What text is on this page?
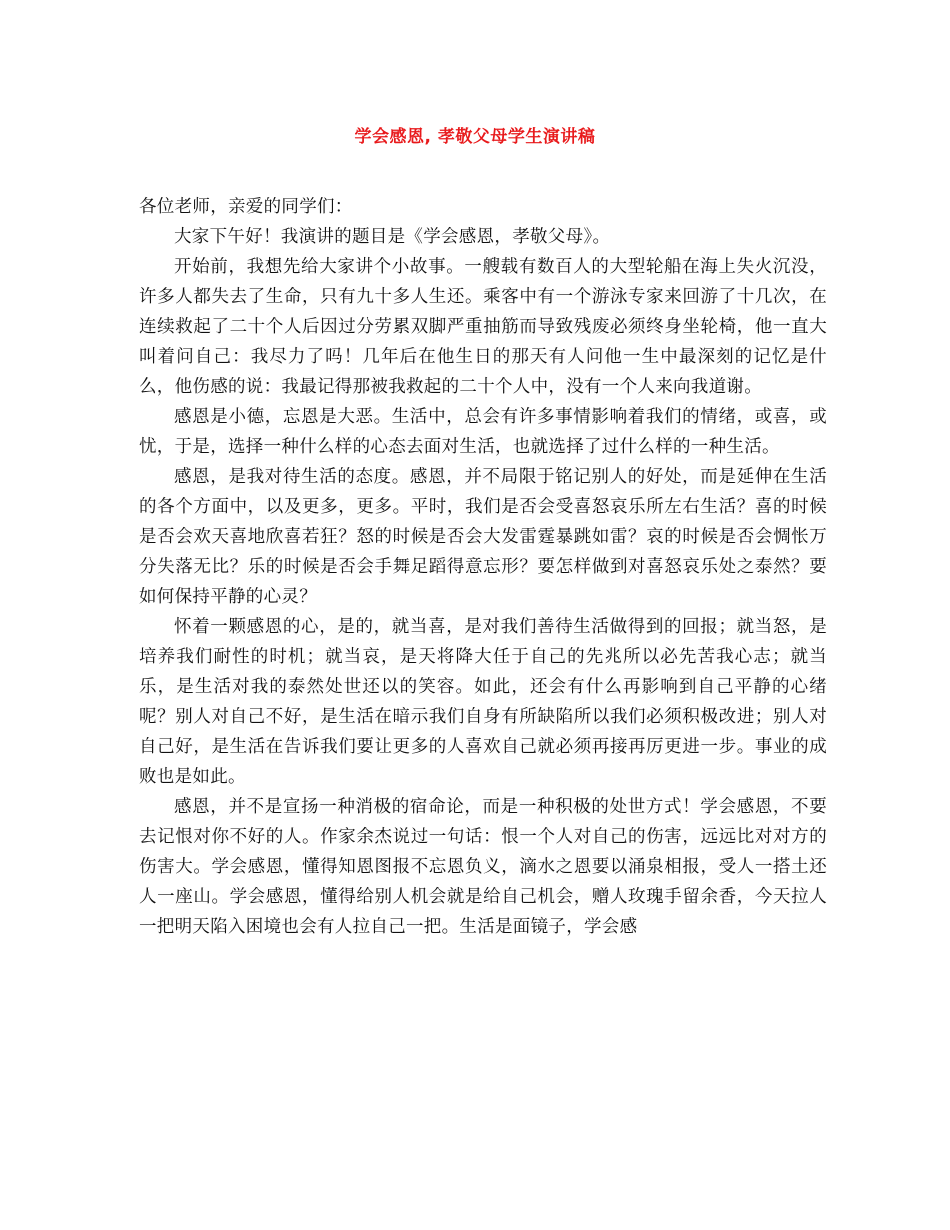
学会感恩, 孝敬父母学生演讲稿

各位老师，亲爱的同学们：

大家下午好！我演讲的题目是《学会感恩，孝敬父母》。

开始前，我想先给大家讲个小故事。一艘载有数百人的大型轮船在海上失火沉没，许多人都失去了生命，只有九十多人生还。乘客中有一个游泳专家来回游了十几次，在连续救起了二十个人后因过分劳累双脚严重抽筋而导致残废必须终身坐轮椅，他一直大叫着问自己：我尽力了吗！几年后在他生日的那天有人问他一生中最深刻的记忆是什么，他伤感的说：我最记得那被我救起的二十个人中，没有一个人来向我道谢。

感恩是小德，忘恩是大恶。生活中，总会有许多事情影响着我们的情绪，或喜，或忧，于是，选择一种什么样的心态去面对生活，也就选择了过什么样的一种生活。

感恩，是我对待生活的态度。感恩，并不局限于铭记别人的好处，而是延伸在生活的各个方面中，以及更多，更多。平时，我们是否会受喜怒哀乐所左右生活？喜的时候是否会欢天喜地欣喜若狂？怒的时候是否会大发雷霆暴跳如雷？哀的时候是否会惆怅万分失落无比？乐的时候是否会手舞足蹈得意忘形？要怎样做到对喜怒哀乐处之泰然？要如何保持平静的心灵？

怀着一颗感恩的心，是的，就当喜，是对我们善待生活做得到的回报；就当怒，是培养我们耐性的时机；就当哀，是天将降大任于自己的先兆所以必先苦我心志；就当乐，是生活对我的泰然处世还以的笑容。如此，还会有什么再影响到自己平静的心绪呢？别人对自己不好，是生活在暗示我们自身有所缺陷所以我们必须积极改进；别人对自己好，是生活在告诉我们要让更多的人喜欢自己就必须再接再厉更进一步。事业的成败也是如此。

感恩，并不是宣扬一种消极的宿命论，而是一种积极的处世方式！学会感恩，不要去记恨对你不好的人。作家余杰说过一句话：恨一个人对自己的伤害，远远比对对方的伤害大。学会感恩，懂得知恩图报不忘恩负义，滴水之恩要以涌泉相报，受人一搭土还人一座山。学会感恩，懂得给别人机会就是给自己机会，赠人玫瑰手留余香，今天拉人一把明天陷入困境也会有人拉自己一把。生活是面镜子，学会感
